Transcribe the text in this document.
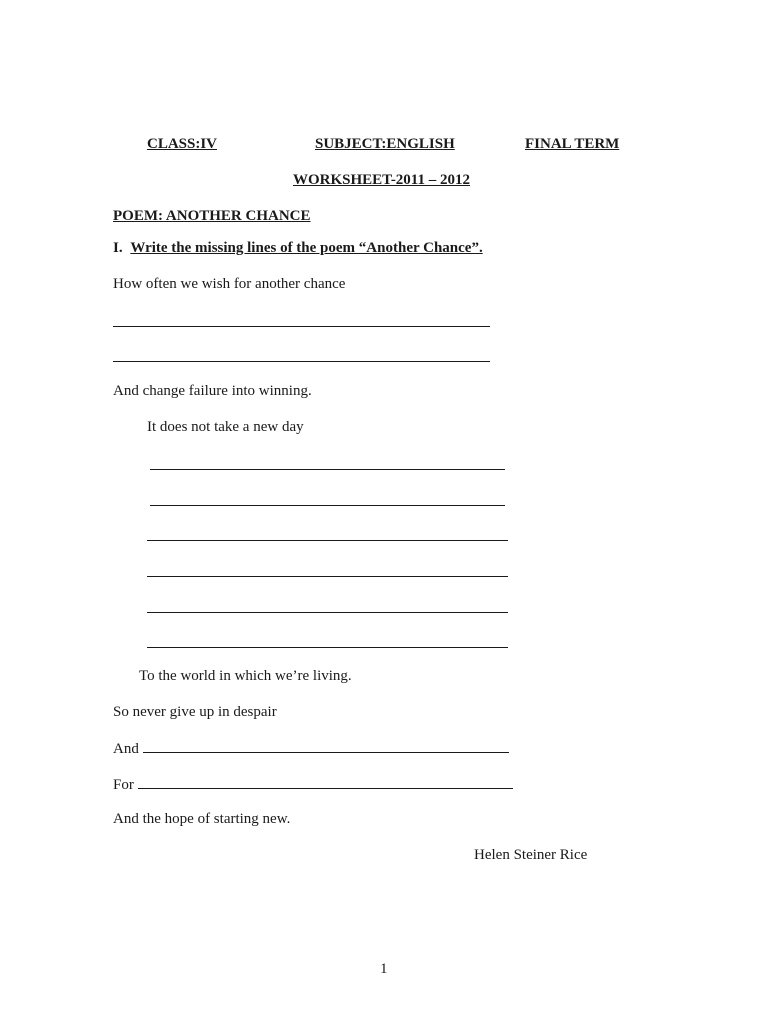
CLASS:IV	SUBJECT:ENGLISH	FINAL TERM
WORKSHEET-2011 – 2012
POEM: ANOTHER CHANCE
I. Write the missing lines of the poem “Another Chance”.
How often we wish for another chance
And change failure into winning.
It does not take a new day
To the world in which we’re living.
So never give up in despair
And
For
And the hope of starting new.
Helen Steiner Rice
1
